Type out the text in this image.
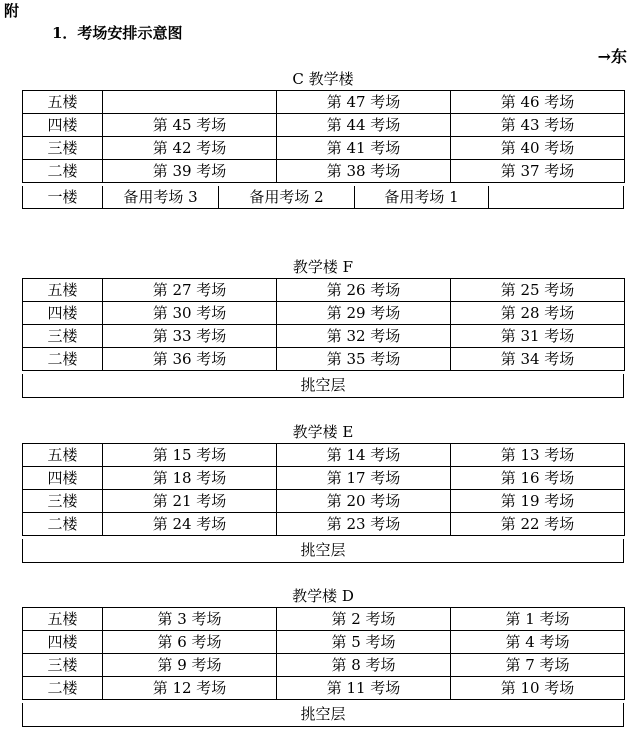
附
1．考场安排示意图
→东
C 教学楼
五楼		第 47 考场	第 46 考场
四楼	第 45 考场	第 44 考场	第 43 考场
三楼	第 42 考场	第 41 考场	第 40 考场
二楼	第 39 考场	第 38 考场	第 37 考场
一楼	备用考场 3	备用考场 2	备用考场 1
教学楼 F
五楼	第 27 考场	第 26 考场	第 25 考场
四楼	第 30 考场	第 29 考场	第 28 考场
三楼	第 33 考场	第 32 考场	第 31 考场
二楼	第 36 考场	第 35 考场	第 34 考场
挑空层
教学楼 E
五楼	第 15 考场	第 14 考场	第 13 考场
四楼	第 18 考场	第 17 考场	第 16 考场
三楼	第 21 考场	第 20 考场	第 19 考场
二楼	第 24 考场	第 23 考场	第 22 考场
挑空层
教学楼 D
五楼	第 3 考场	第 2 考场	第 1 考场
四楼	第 6 考场	第 5 考场	第 4 考场
三楼	第 9 考场	第 8 考场	第 7 考场
二楼	第 12 考场	第 11 考场	第 10 考场
挑空层
